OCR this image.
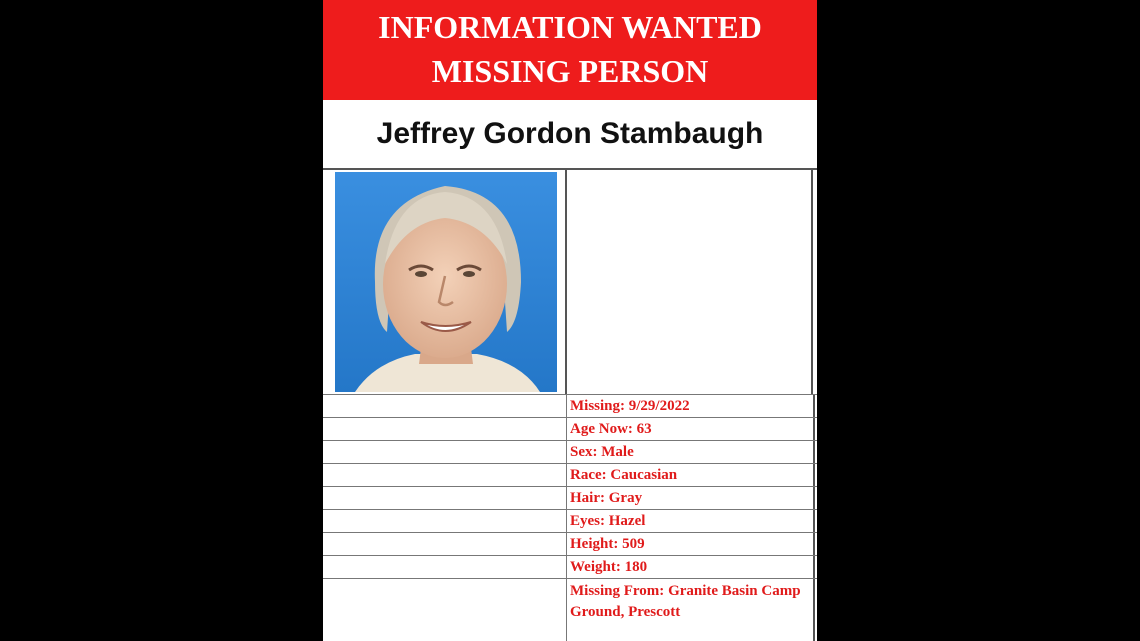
INFORMATION WANTED
MISSING PERSON
Jeffrey Gordon Stambaugh
Missing: 9/29/2022
Age Now: 63
Sex: Male
Race: Caucasian
Hair: Gray
Eyes: Hazel
Height: 509
Weight: 180
Missing From: Granite Basin Camp Ground, Prescott
